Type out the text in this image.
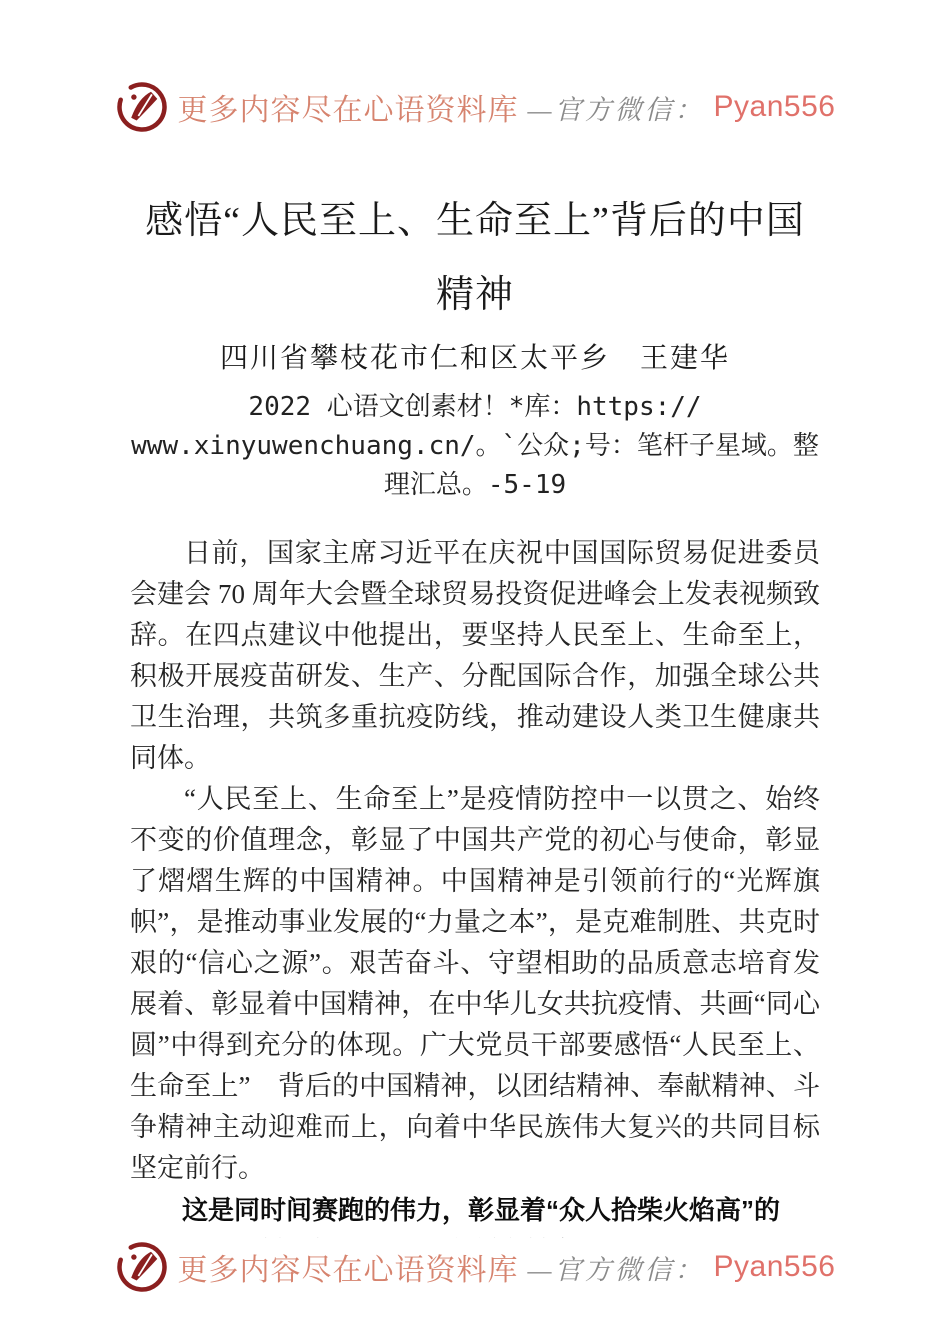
更多内容尽在心语资料库 —官方微信： Pyan556
感悟“人民至上、生命至上”背后的中国
精神
四川省攀枝花市仁和区太平乡　王建华
2022 心语文创素材！*库：https://
www.xinyuwenchuang.cn/。`公众;号：笔杆子星域。整
理汇总。-5-19

日前，国家主席习近平在庆祝中国国际贸易促进委员会建会 70 周年大会暨全球贸易投资促进峰会上发表视频致辞。在四点建议中他提出，要坚持人民至上、生命至上，积极开展疫苗研发、生产、分配国际合作，加强全球公共卫生治理，共筑多重抗疫防线，推动建设人类卫生健康共同体。

“人民至上、生命至上”是疫情防控中一以贯之、始终不变的价值理念，彰显了中国共产党的初心与使命，彰显了熠熠生辉的中国精神。中国精神是引领前行的“光辉旗帜”，是推动事业发展的“力量之本”，是克难制胜、共克时艰的“信心之源”。艰苦奋斗、守望相助的品质意志培育发展着、彰显着中国精神，在中华儿女共抗疫情、共画“同心圆”中得到充分的体现。广大党员干部要感悟“人民至上、生命至上”　背后的中国精神，以团结精神、奉献精神、斗争精神主动迎难而上，向着中华民族伟大复兴的共同目标坚定前行。

这是同时间赛跑的伟力，彰显着“众人拾柴火焰高”的
更多内容尽在心语资料库 —官方微信： Pyan556
